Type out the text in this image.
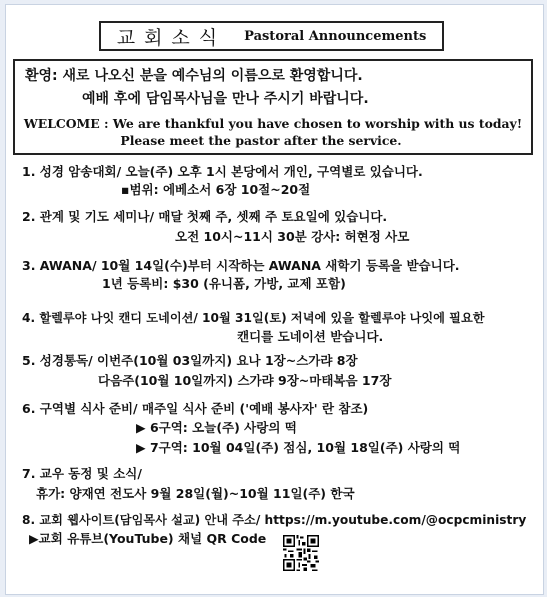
교회소식 Pastoral Announcements
환영: 새로 나오신 분을 예수님의 이름으로 환영합니다.
예배 후에 담임목사님을 만나 주시기 바랍니다.
WELCOME : We are thankful you have chosen to worship with us today!
Please meet the pastor after the service.
1. 성경 암송대회/ 오늘(주) 오후 1시 본당에서 개인, 구역별로 있습니다.
▪범위: 에베소서 6장 10절~20절
2. 관계 및 기도 세미나/ 매달 첫째 주, 셋째 주 토요일에 있습니다.
오전 10시~11시 30분 강사: 허현정 사모
3. AWANA/ 10월 14일(수)부터 시작하는 AWANA 새학기 등록을 받습니다.
1년 등록비: $30 (유니폼, 가방, 교제 포함)
4. 할렐루야 나잇 캔디 도네이션/ 10월 31일(토) 저녁에 있을 할렐루야 나잇에 필요한
캔디를 도네이션 받습니다.
5. 성경통독/ 이번주(10월 03일까지) 요나 1장~스가랴 8장
다음주(10월 10일까지) 스가랴 9장~마태복음 17장
6. 구역별 식사 준비/ 매주일 식사 준비 ('예배 봉사자' 란 참조)
▶ 6구역: 오늘(주) 사랑의 떡
▶ 7구역: 10월 04일(주) 점심, 10월 18일(주) 사랑의 떡
7. 교우 동정 및 소식/
휴가: 양재연 전도사 9월 28일(월)~10월 11일(주) 한국
8. 교회 웹사이트(담임목사 설교) 안내 주소/ https://m.youtube.com/@ocpcministry
▶교회 유튜브(YouTube) 채널 QR Code
